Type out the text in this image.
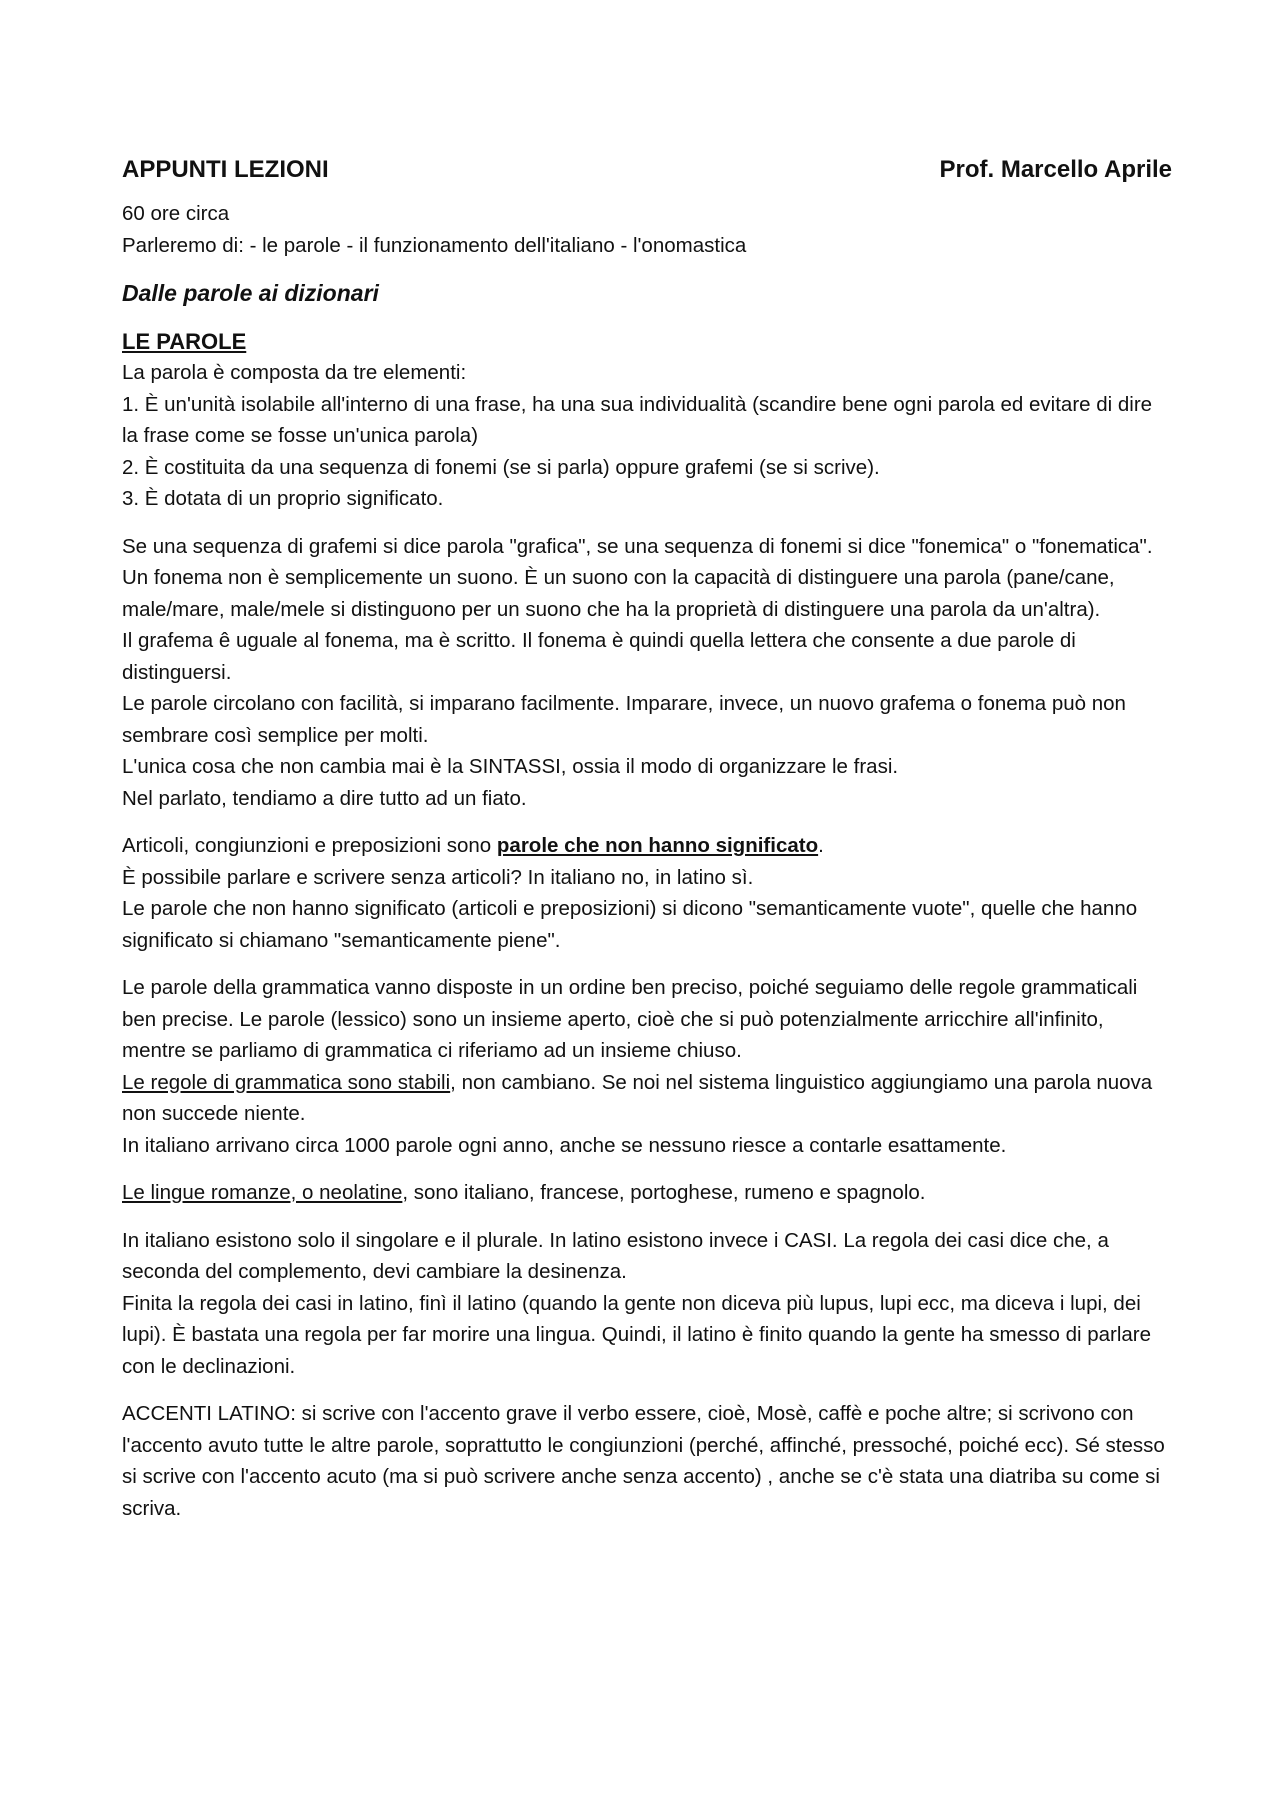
APPUNTI LEZIONI	Prof. Marcello Aprile

60 ore circa

Parleremo di: - le parole - il funzionamento dell'italiano - l'onomastica

Dalle parole ai dizionari
LE PAROLE

La parola è composta da tre elementi:

1. È un'unità isolabile all'interno di una frase, ha una sua individualità (scandire bene ogni parola ed evitare di dire la frase come se fosse un'unica parola)

2. È costituita da una sequenza di fonemi (se si parla) oppure grafemi (se si scrive).

3. È dotata di un proprio significato.

Se una sequenza di grafemi si dice parola "grafica", se una sequenza di fonemi si dice "fonemica" o "fonematica". Un fonema non è semplicemente un suono. È un suono con la capacità di distinguere una parola (pane/cane, male/mare, male/mele si distinguono per un suono che ha la proprietà di distinguere una parola da un'altra).

Il grafema ê uguale al fonema, ma è scritto. Il fonema è quindi quella lettera che consente a due parole di distinguersi.

Le parole circolano con facilità, si imparano facilmente. Imparare, invece, un nuovo grafema o fonema può non sembrare così semplice per molti.

L'unica cosa che non cambia mai è la SINTASSI, ossia il modo di organizzare le frasi.

Nel parlato, tendiamo a dire tutto ad un fiato.

Articoli, congiunzioni e preposizioni sono parole che non hanno significato.

È possibile parlare e scrivere senza articoli? In italiano no, in latino sì.

Le parole che non hanno significato (articoli e preposizioni) si dicono "semanticamente vuote", quelle che hanno significato si chiamano "semanticamente piene".

Le parole della grammatica vanno disposte in un ordine ben preciso, poiché seguiamo delle regole grammaticali ben precise. Le parole (lessico) sono un insieme aperto, cioè che si può potenzialmente arricchire all'infinito, mentre se parliamo di grammatica ci riferiamo ad un insieme chiuso.

Le regole di grammatica sono stabili, non cambiano. Se noi nel sistema linguistico aggiungiamo una parola nuova non succede niente.

In italiano arrivano circa 1000 parole ogni anno, anche se nessuno riesce a contarle esattamente.

Le lingue romanze, o neolatine, sono italiano, francese, portoghese, rumeno e spagnolo.

In italiano esistono solo il singolare e il plurale. In latino esistono invece i CASI. La regola dei casi dice che, a seconda del complemento, devi cambiare la desinenza.

Finita la regola dei casi in latino, finì il latino (quando la gente non diceva più lupus, lupi ecc, ma diceva i lupi, dei lupi). È bastata una regola per far morire una lingua. Quindi, il latino è finito quando la gente ha smesso di parlare con le declinazioni.

ACCENTI LATINO: si scrive con l'accento grave il verbo essere, cioè, Mosè, caffè e poche altre; si scrivono con l'accento avuto tutte le altre parole, soprattutto le congiunzioni (perché, affinché, pressoché, poiché ecc). Sé stesso si scrive con l'accento acuto (ma si può scrivere anche senza accento) , anche se c'è stata una diatriba su come si scriva.
